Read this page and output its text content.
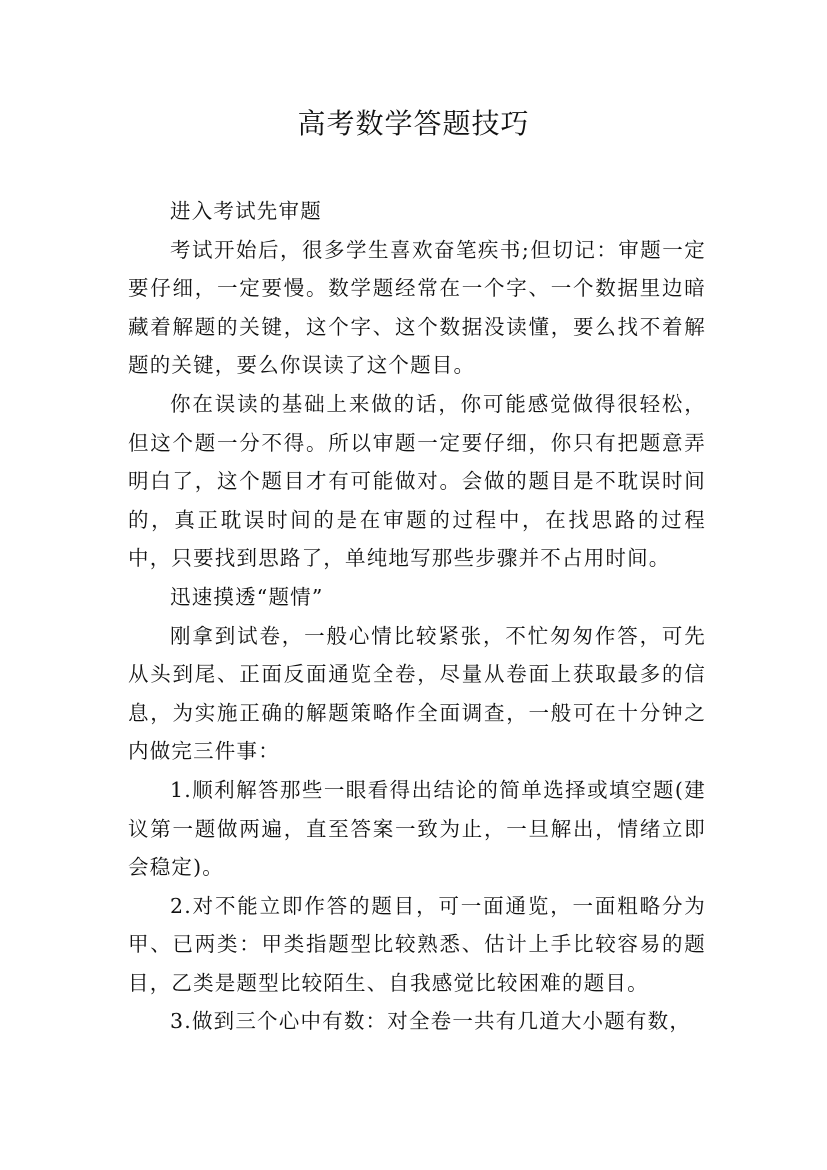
高考数学答题技巧

进入考试先审题

考试开始后，很多学生喜欢奋笔疾书;但切记：审题一定要仔细，一定要慢。数学题经常在一个字、一个数据里边暗藏着解题的关键，这个字、这个数据没读懂，要么找不着解题的关键，要么你误读了这个题目。

你在误读的基础上来做的话，你可能感觉做得很轻松，但这个题一分不得。所以审题一定要仔细，你只有把题意弄明白了，这个题目才有可能做对。会做的题目是不耽误时间的，真正耽误时间的是在审题的过程中，在找思路的过程中，只要找到思路了，单纯地写那些步骤并不占用时间。

迅速摸透“题情”

刚拿到试卷，一般心情比较紧张，不忙匆匆作答，可先从头到尾、正面反面通览全卷，尽量从卷面上获取最多的信息，为实施正确的解题策略作全面调查，一般可在十分钟之内做完三件事：

1.顺利解答那些一眼看得出结论的简单选择或填空题(建议第一题做两遍，直至答案一致为止，一旦解出，情绪立即会稳定)。

2.对不能立即作答的题目，可一面通览，一面粗略分为甲、已两类：甲类指题型比较熟悉、估计上手比较容易的题目，乙类是题型比较陌生、自我感觉比较困难的题目。

3.做到三个心中有数：对全卷一共有几道大小题有数，
